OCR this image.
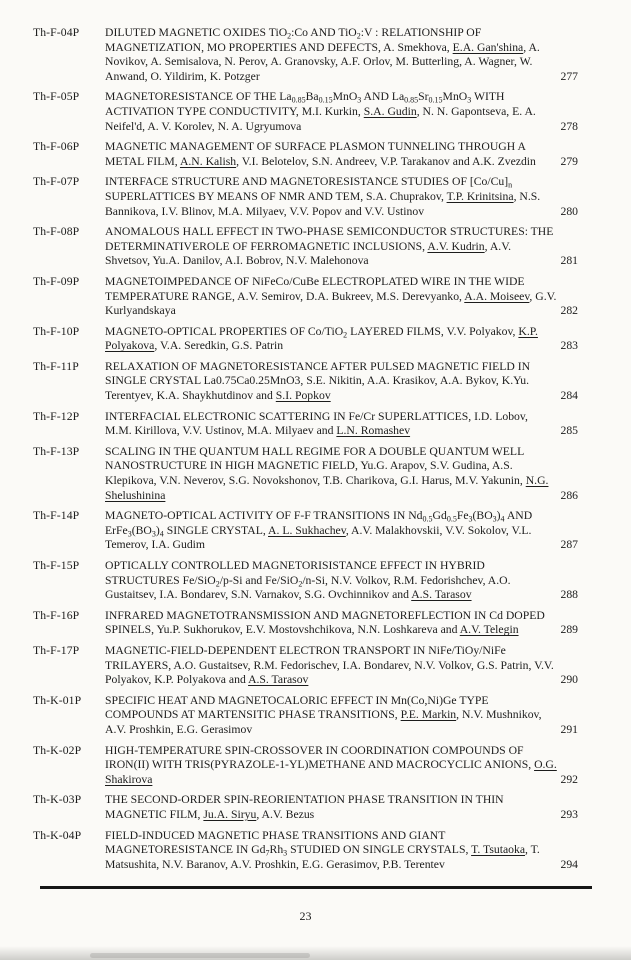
Th-F-04P	DILUTED MAGNETIC OXIDES TiO$_2$:Co AND TiO$_2$:V : RELATIONSHIP OF MAGNETIZATION, MO PROPERTIES AND DEFECTS, A. Smekhova, E.A. Gan'shina, A. Novikov, A. Semisalova, N. Perov, A. Granovsky, A.F. Orlov, M. Butterling, A. Wagner, W. Anwand, O. Yildirim, K. Potzger	277
Th-F-05P	MAGNETORESISTANCE OF THE $La_{0.85}Ba_{0.15}MnO_3$ AND $La_{0.85}Sr_{0.15}MnO_3$ WITH ACTIVATION TYPE CONDUCTIVITY, M.I. Kurkin, S.A. Gudin, N. N. Gapontseva, E. A. Neifel'd, A. V. Korolev, N. A. Ugryumova	278
Th-F-06P	MAGNETIC MANAGEMENT OF SURFACE PLASMON TUNNELING THROUGH A METAL FILM, A.N. Kalish, V.I. Belotelov, S.N. Andreev, V.P. Tarakanov and A.K. Zvezdin	279
Th-F-07P	INTERFACE STRUCTURE AND MAGNETORESISTANCE STUDIES OF $[Co/Cu]_n$ SUPERLATTICES BY MEANS OF NMR AND TEM, S.A. Chuprakov, T.P. Krinitsina, N.S. Bannikova, I.V. Blinov, M.A. Milyaev, V.V. Popov and V.V. Ustinov	280
Th-F-08P	ANOMALOUS HALL EFFECT IN TWO-PHASE SEMICONDUCTOR STRUCTURES: THE DETERMINATIVEROLE OF FERROMAGNETIC INCLUSIONS, A.V. Kudrin, A.V. Shvetsov, Yu.A. Danilov, A.I. Bobrov, N.V. Malehonova	281
Th-F-09P	MAGNETOIMPEDANCE OF NiFeCo/CuBe ELECTROPLATED WIRE IN THE WIDE TEMPERATURE RANGE, A.V. Semirov, D.A. Bukreev, M.S. Derevyanko, A.A. Moiseev, G.V. Kurlyandskaya	282
Th-F-10P	MAGNETO-OPTICAL PROPERTIES OF Co/TiO$_2$ LAYERED FILMS, V.V. Polyakov, K.P. Polyakova, V.A. Seredkin, G.S. Patrin	283
Th-F-11P	RELAXATION OF MAGNETORESISTANCE AFTER PULSED MAGNETIC FIELD IN SINGLE CRYSTAL La0.75Ca0.25MnO3, S.E. Nikitin, A.A. Krasikov, A.A. Bykov, K.Yu. Terentyev, K.A. Shaykhutdinov and S.I. Popkov	284
Th-F-12P	INTERFACIAL ELECTRONIC SCATTERING IN Fe/Cr SUPERLATTICES, I.D. Lobov, M.M. Kirillova, V.V. Ustinov, M.A. Milyaev and L.N. Romashev	285
Th-F-13P	SCALING IN THE QUANTUM HALL REGIME FOR A DOUBLE QUANTUM WELL NANOSTRUCTURE IN HIGH MAGNETIC FIELD, Yu.G. Arapov, S.V. Gudina, A.S. Klepikova, V.N. Neverov, S.G. Novokshonov, T.B. Charikova, G.I. Harus, M.V. Yakunin, N.G. Shelushinina	286
Th-F-14P	MAGNETO-OPTICAL ACTIVITY OF F-F TRANSITIONS IN $Nd_{0.5}Gd_{0.5}Fe_3(BO_3)_4$ AND $ErFe_3(BO_3)_4$ SINGLE CRYSTAL, A. L. Sukhachev, A.V. Malakhovskii, V.V. Sokolov, V.L. Temerov, I.A. Gudim	287
Th-F-15P	OPTICALLY CONTROLLED MAGNETORISISTANCE EFFECT IN HYBRID STRUCTURES Fe/SiO$_2$/p-Si and Fe/SiO$_2$/n-Si, N.V. Volkov, R.M. Fedorishchev, A.O. Gustaitsev, I.A. Bondarev, S.N. Varnakov, S.G. Ovchinnikov and A.S. Tarasov	288
Th-F-16P	INFRARED MAGNETOTRANSMISSION AND MAGNETOREFLECTION IN Cd DOPED SPINELS, Yu.P. Sukhorukov, E.V. Mostovshchikova, N.N. Loshkareva and A.V. Telegin	289
Th-F-17P	MAGNETIC-FIELD-DEPENDENT ELECTRON TRANSPORT IN NiFe/TiOy/NiFe TRILAYERS, A.O. Gustaitsev, R.M. Fedorischev, I.A. Bondarev, N.V. Volkov, G.S. Patrin, V.V. Polyakov, K.P. Polyakova and A.S. Tarasov	290
Th-K-01P	SPECIFIC HEAT AND MAGNETOCALORIC EFFECT IN Mn(Co,Ni)Ge TYPE COMPOUNDS AT MARTENSITIC PHASE TRANSITIONS, P.E. Markin, N.V. Mushnikov, A.V. Proshkin, E.G. Gerasimov	291
Th-K-02P	HIGH-TEMPERATURE SPIN-CROSSOVER IN COORDINATION COMPOUNDS OF IRON(II) WITH TRIS(PYRAZOLE-1-YL)METHANE AND MACROCYCLIC ANIONS, O.G. Shakirova	292
Th-K-03P	THE SECOND-ORDER SPIN-REORIENTATION PHASE TRANSITION IN THIN MAGNETIC FILM, Ju.A. Siryu, A.V. Bezus	293
Th-K-04P	FIELD-INDUCED MAGNETIC PHASE TRANSITIONS AND GIANT MAGNETORESISTANCE IN $Gd_7Rh_3$ STUDIED ON SINGLE CRYSTALS, T. Tsutaoka, T. Matsushita, N.V. Baranov, A.V. Proshkin, E.G. Gerasimov, P.B. Terentev	294
23
